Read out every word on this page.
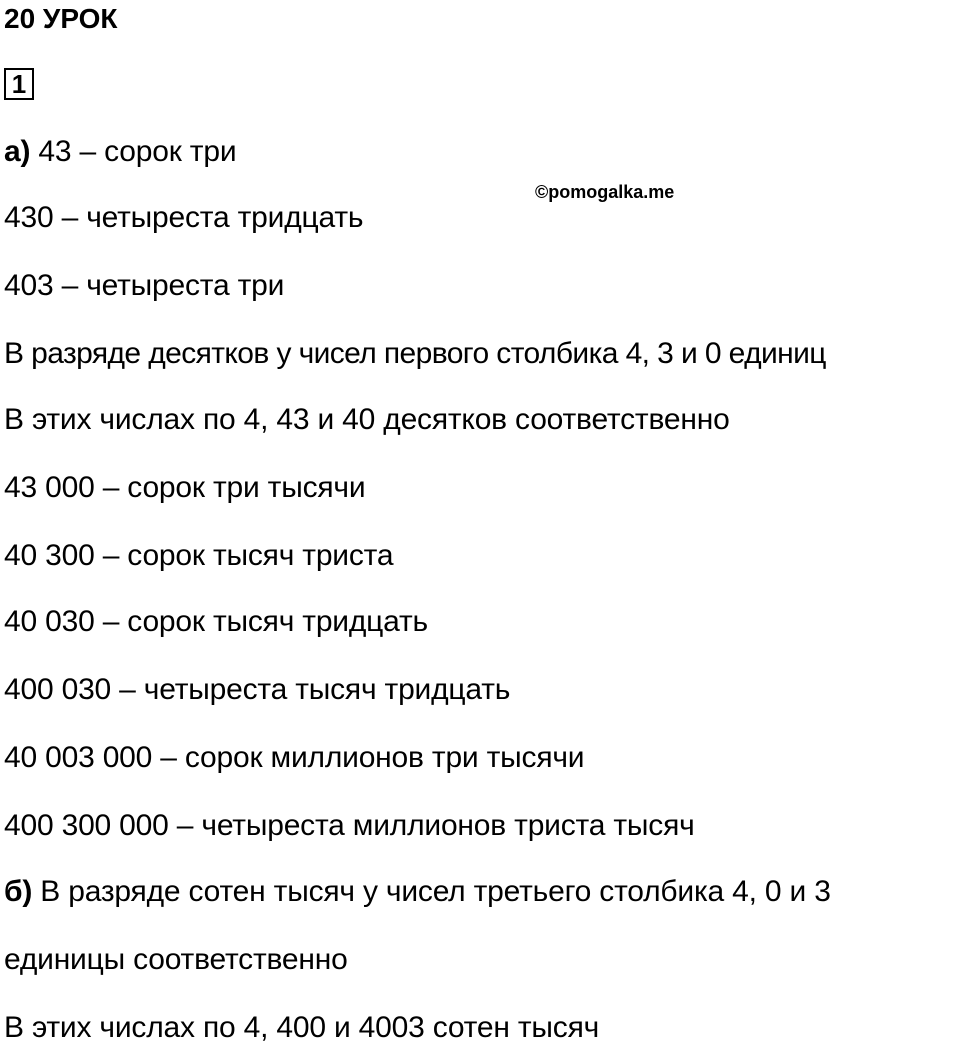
20 УРОК
1
©pomogalka.me
а) 43 – сорок три
430 – четыреста тридцать
403 – четыреста три
В разряде десятков у чисел первого столбика 4, 3 и 0 единиц
В этих числах по 4, 43 и 40 десятков соответственно
43 000 – сорок три тысячи
40 300 – сорок тысяч триста
40 030 – сорок тысяч тридцать
400 030 – четыреста тысяч тридцать
40 003 000 – сорок миллионов три тысячи
400 300 000 – четыреста миллионов триста тысяч
б) В разряде сотен тысяч у чисел третьего столбика 4, 0 и 3
единицы соответственно
В этих числах по 4, 400 и 4003 сотен тысяч
